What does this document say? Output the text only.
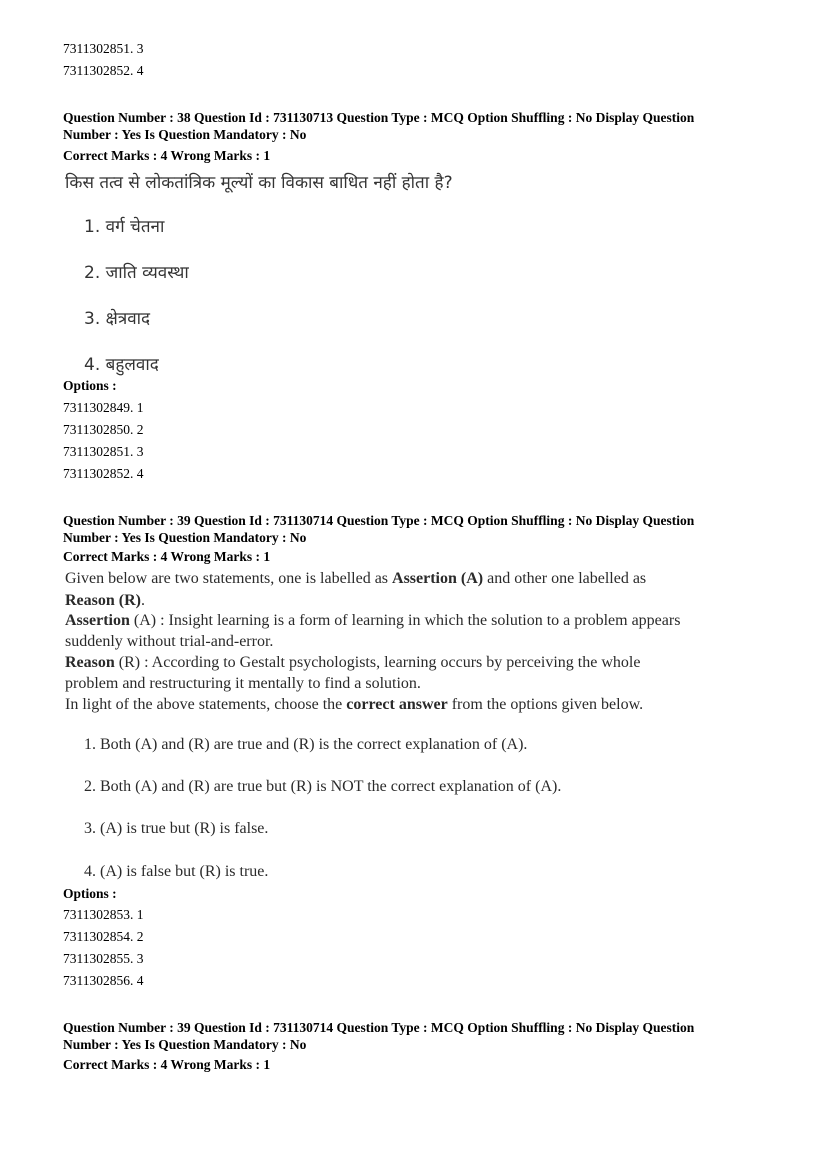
7311302851. 3
7311302852. 4
Question Number : 38 Question Id : 731130713 Question Type : MCQ Option Shuffling : No Display Question
Number : Yes Is Question Mandatory : No
Correct Marks : 4 Wrong Marks : 1
किस तत्व से लोकतांत्रिक मूल्यों का विकास बाधित नहीं होता है?
1. वर्ग चेतना
2. जाति व्यवस्था
3. क्षेत्रवाद
4. बहुलवाद
Options :
7311302849. 1
7311302850. 2
7311302851. 3
7311302852. 4
Question Number : 39 Question Id : 731130714 Question Type : MCQ Option Shuffling : No Display Question
Number : Yes Is Question Mandatory : No
Correct Marks : 4 Wrong Marks : 1
Given below are two statements, one is labelled as Assertion (A) and other one labelled as
Reason (R).
Assertion (A) : Insight learning is a form of learning in which the solution to a problem appears
suddenly without trial-and-error.
Reason (R) : According to Gestalt psychologists, learning occurs by perceiving the whole
problem and restructuring it mentally to find a solution.
In light of the above statements, choose the correct answer from the options given below.
1. Both (A) and (R) are true and (R) is the correct explanation of (A).
2. Both (A) and (R) are true but (R) is NOT the correct explanation of (A).
3. (A) is true but (R) is false.
4. (A) is false but (R) is true.
Options :
7311302853. 1
7311302854. 2
7311302855. 3
7311302856. 4
Question Number : 39 Question Id : 731130714 Question Type : MCQ Option Shuffling : No Display Question
Number : Yes Is Question Mandatory : No
Correct Marks : 4 Wrong Marks : 1
